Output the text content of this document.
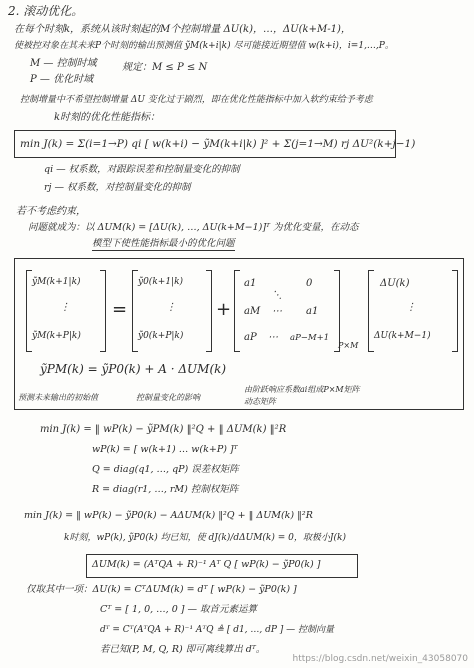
2. 滚动优化。
在每个时刻k，系统从该时刻起的M个控制增量 ΔU(k)，…，ΔU(k+M-1)，
使被控对象在其未来P个时刻的输出预测值 ỹM(k+i|k) 尽可能接近期望值 w(k+i)，i=1,…,P。
M — 控制时域	规定：M ≤ P ≤ N
P — 优化时域
控制增量中不希望控制增量 ΔU 变化过于剧烈，即在优化性能指标中加入软约束给予考虑
k时刻的优化性能指标：
min J(k) = Σ(i=1→P) qi [ w(k+i) − ỹM(k+i|k) ]² + Σ(j=1→M) rj ΔU²(k+j−1)
qi — 权系数，对跟踪误差和控制量变化的抑制
rj — 权系数，对控制量变化的抑制
若不考虑约束，
问题就成为：以 ΔUM(k) = [ΔU(k), …, ΔU(k+M−1)]ᵀ 为优化变量，在动态
模型下使性能指标最小的优化问题
ỹM(k+1|k)
⋮
ỹM(k+P|k)
=
ỹ0(k+1|k)
⋮
ỹ0(k+P|k)
+
a1
⋱
0
aM ⋯ a1
aP ⋯ aP−M+1
P×M
ΔU(k)
⋮
ΔU(k+M−1)
ỹPM(k) = ỹP0(k) + A · ΔUM(k)
预测未来输出的初始值	控制量变化的影响
由阶跃响应系数ai组成P×M矩阵
动态矩阵
min J(k) = ‖ wP(k) − ỹPM(k) ‖²Q + ‖ ΔUM(k) ‖²R
wP(k) = [ w(k+1) … w(k+P) ]ᵀ
Q = diag(q1, …, qP) 误差权矩阵
R = diag(r1, …, rM) 控制权矩阵
min J(k) = ‖ wP(k) − ỹP0(k) − AΔUM(k) ‖²Q + ‖ ΔUM(k) ‖²R
k时刻，wP(k), ỹP0(k) 均已知，使 dJ(k)/dΔUM(k) = 0，取极小J(k)
ΔUM(k) = (AᵀQA + R)⁻¹ Aᵀ Q [ wP(k) − ỹP0(k) ]
仅取其中一项：ΔU(k) = CᵀΔUM(k) = dᵀ [ wP(k) − ỹP0(k) ]
Cᵀ = [ 1, 0, …, 0 ] — 取首元素运算
dᵀ = Cᵀ(AᵀQA + R)⁻¹ AᵀQ ≜ [ d1, …, dP ] — 控制向量
若已知(P, M, Q, R) 即可离线算出 dᵀ。
https://blog.csdn.net/weixin_43058070
